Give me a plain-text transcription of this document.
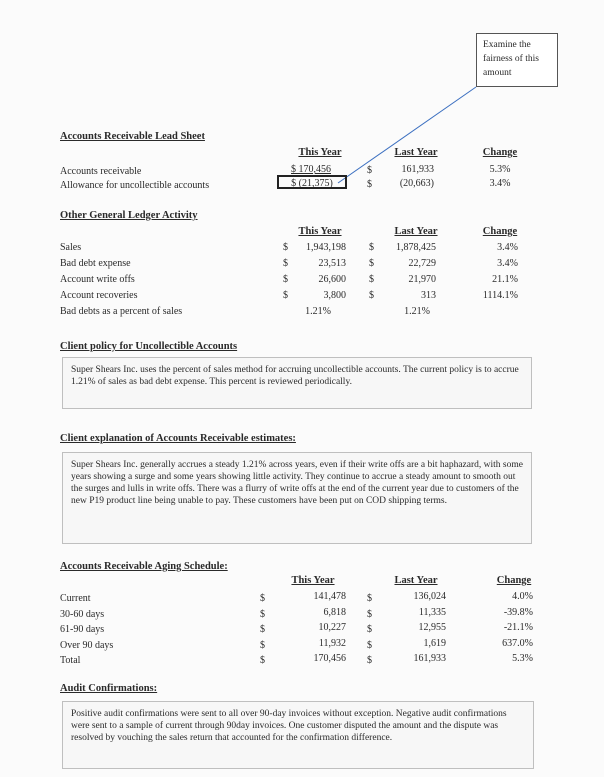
Examine the fairness of this amount
Accounts Receivable Lead Sheet
This Year	Last Year	Change
Accounts receivable	$ 170,456	$	161,933	5.3%
Allowance for uncollectible accounts	$ (21,375)	$	(20,663)	3.4%
Other General Ledger Activity
This Year	Last Year	Change
Sales	$	1,943,198 $	1,878,425	3.4%
Bad debt expense	$	23,513 $	22,729	3.4%
Account write offs	$	26,600 $	21,970	21.1%
Account recoveries	$	3,800 $	313	1114.1%
Bad debts as a percent of sales	1.21%	1.21%
Client policy for Uncollectible Accounts
Super Shears Inc. uses the percent of sales method for accruing uncollectible accounts. The current policy is to accrue 1.21% of sales as bad debt expense. This percent is reviewed periodically.
Client explanation of Accounts Receivable estimates:
Super Shears Inc. generally accrues a steady 1.21% across years, even if their write offs are a bit haphazard, with some years showing a surge and some years showing little activity. They continue to accrue a steady amount to smooth out the surges and lulls in write offs. There was a flurry of write offs at the end of the current year due to customers of the new P19 product line being unable to pay. These customers have been put on COD shipping terms.
Accounts Receivable Aging Schedule:
This Year	Last Year	Change
Current	$	141,478 $	136,024	4.0%
30-60 days	$	6,818 $	11,335	-39.8%
61-90 days	$	10,227 $	12,955	-21.1%
Over 90 days	$	11,932 $	1,619	637.0%
Total	$	170,456 $	161,933	5.3%
Audit Confirmations:
Positive audit confirmations were sent to all over 90-day invoices without exception. Negative audit confirmations were sent to a sample of current through 90day invoices. One customer disputed the amount and the dispute was resolved by vouching the sales return that accounted for the confirmation difference.
